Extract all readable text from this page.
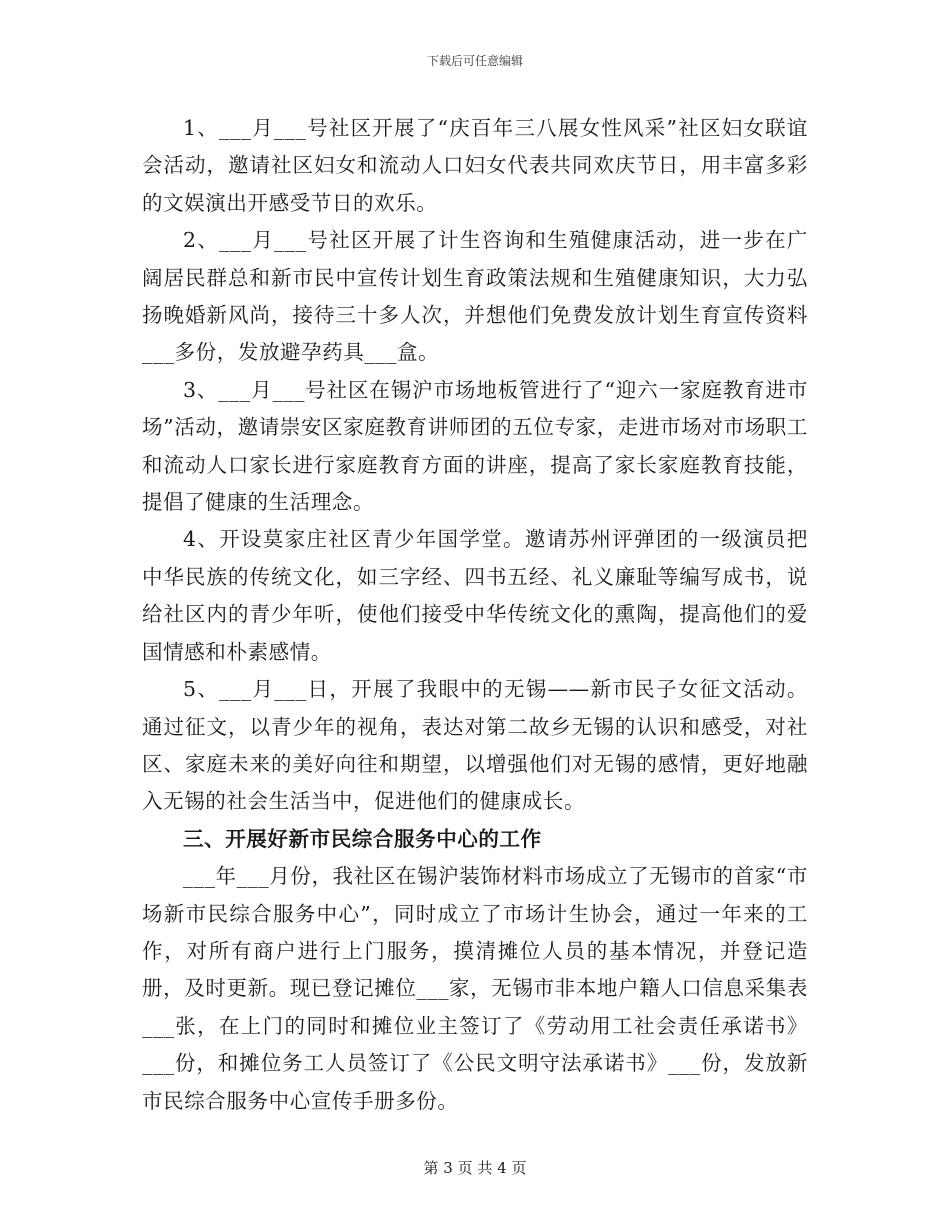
下载后可任意编辑

1、___月___号社区开展了“庆百年三八展女性风采”社区妇女联谊会活动，邀请社区妇女和流动人口妇女代表共同欢庆节日，用丰富多彩的文娱演出开感受节日的欢乐。

2、___月___号社区开展了计生咨询和生殖健康活动，进一步在广阔居民群总和新市民中宣传计划生育政策法规和生殖健康知识，大力弘扬晚婚新风尚，接待三十多人次，并想他们免费发放计划生育宣传资料___多份，发放避孕药具___盒。

3、___月___号社区在锡沪市场地板管进行了“迎六一家庭教育进市场”活动，邀请崇安区家庭教育讲师团的五位专家，走进市场对市场职工和流动人口家长进行家庭教育方面的讲座，提高了家长家庭教育技能，提倡了健康的生活理念。

4、开设莫家庄社区青少年国学堂。邀请苏州评弹团的一级演员把中华民族的传统文化，如三字经、四书五经、礼义廉耻等编写成书，说给社区内的青少年听，使他们接受中华传统文化的熏陶，提高他们的爱国情感和朴素感情。

5、___月___日，开展了我眼中的无锡——新市民子女征文活动。通过征文，以青少年的视角，表达对第二故乡无锡的认识和感受，对社区、家庭未来的美好向往和期望，以增强他们对无锡的感情，更好地融入无锡的社会生活当中，促进他们的健康成长。

三、开展好新市民综合服务中心的工作

___年___月份，我社区在锡沪装饰材料市场成立了无锡市的首家“市场新市民综合服务中心”，同时成立了市场计生协会，通过一年来的工作，对所有商户进行上门服务，摸清摊位人员的基本情况，并登记造册，及时更新。现已登记摊位___家，无锡市非本地户籍人口信息采集表___张，在上门的同时和摊位业主签订了《劳动用工社会责任承诺书》___份，和摊位务工人员签订了《公民文明守法承诺书》___份，发放新市民综合服务中心宣传手册多份。

第 3 页 共 4 页
